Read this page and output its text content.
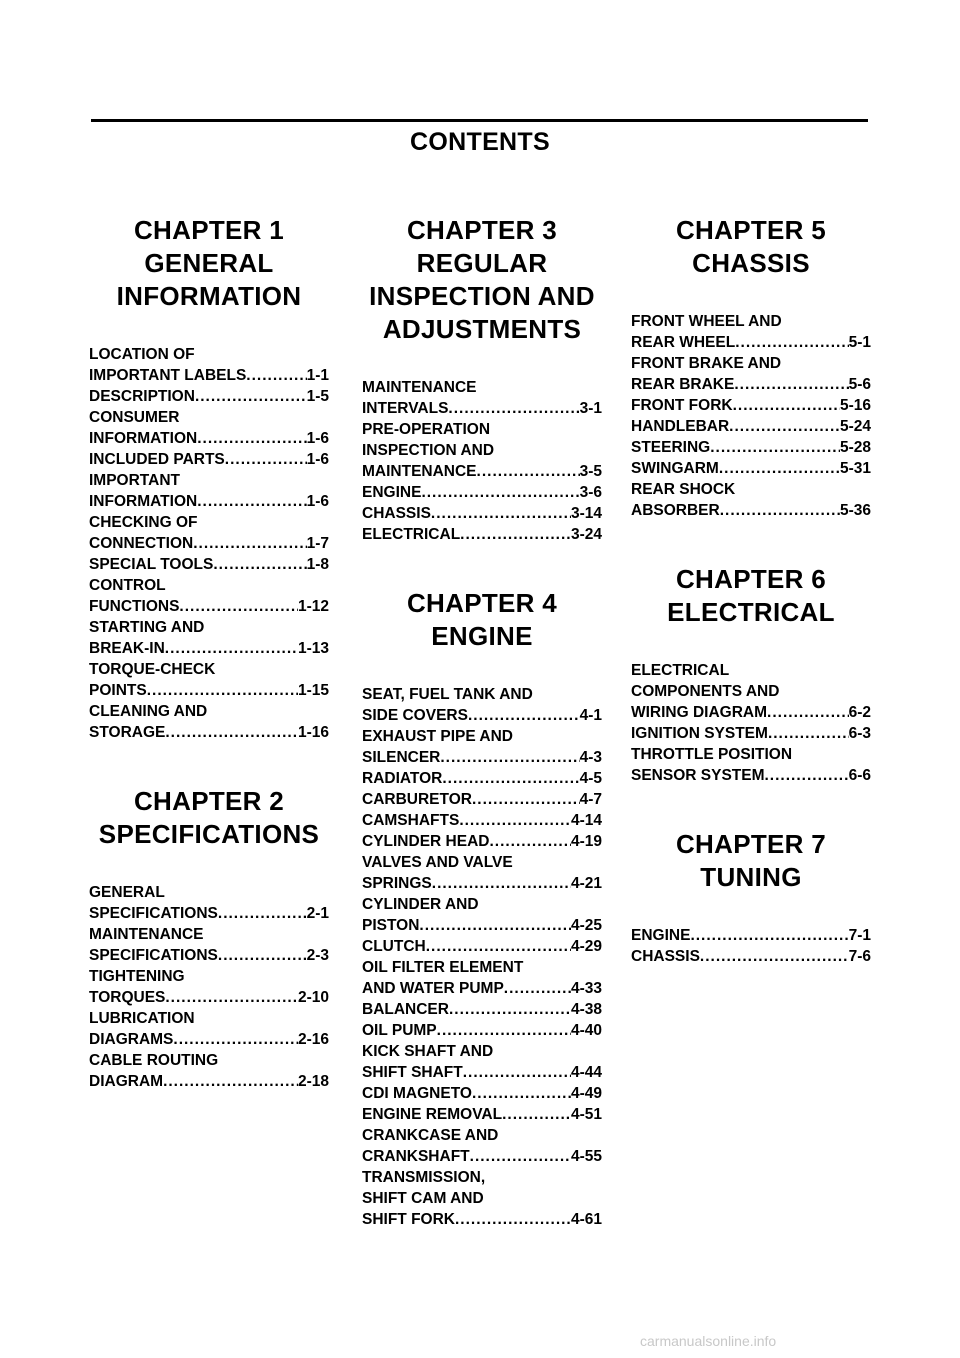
CONTENTS
CHAPTER 1
GENERAL
INFORMATION
LOCATION OF
IMPORTANT LABELS .....	1-1
DESCRIPTION .....	1-5
CONSUMER
INFORMATION .....	1-6
INCLUDED PARTS .....	1-6
IMPORTANT
INFORMATION .....	1-6
CHECKING OF
CONNECTION .....	1-7
SPECIAL TOOLS .....	1-8
CONTROL
FUNCTIONS .....	1-12
STARTING AND
BREAK-IN .....	1-13
TORQUE-CHECK
POINTS .....	1-15
CLEANING AND
STORAGE .....	1-16
CHAPTER 2
SPECIFICATIONS
GENERAL
SPECIFICATIONS .....	2-1
MAINTENANCE
SPECIFICATIONS .....	2-3
TIGHTENING
TORQUES .....	2-10
LUBRICATION
DIAGRAMS .....	2-16
CABLE ROUTING
DIAGRAM .....	2-18
CHAPTER 3
REGULAR
INSPECTION AND
ADJUSTMENTS
MAINTENANCE
INTERVALS .....	3-1
PRE-OPERATION
INSPECTION AND
MAINTENANCE .....	3-5
ENGINE .....	3-6
CHASSIS .....	3-14
ELECTRICAL .....	3-24
CHAPTER 4
ENGINE
SEAT, FUEL TANK AND
SIDE COVERS .....	4-1
EXHAUST PIPE AND
SILENCER .....	4-3
RADIATOR .....	4-5
CARBURETOR .....	4-7
CAMSHAFTS .....	4-14
CYLINDER HEAD .....	4-19
VALVES AND VALVE
SPRINGS .....	4-21
CYLINDER AND
PISTON .....	4-25
CLUTCH .....	4-29
OIL FILTER ELEMENT
AND WATER PUMP .....	4-33
BALANCER .....	4-38
OIL PUMP .....	4-40
KICK SHAFT AND
SHIFT SHAFT .....	4-44
CDI MAGNETO .....	4-49
ENGINE REMOVAL .....	4-51
CRANKCASE AND
CRANKSHAFT .....	4-55
TRANSMISSION,
SHIFT CAM AND
SHIFT FORK .....	4-61
CHAPTER 5
CHASSIS
FRONT WHEEL AND
REAR WHEEL .....	5-1
FRONT BRAKE AND
REAR BRAKE .....	5-6
FRONT FORK .....	5-16
HANDLEBAR .....	5-24
STEERING .....	5-28
SWINGARM .....	5-31
REAR SHOCK
ABSORBER .....	5-36
CHAPTER 6
ELECTRICAL
ELECTRICAL
COMPONENTS AND
WIRING DIAGRAM .....	6-2
IGNITION SYSTEM .....	6-3
THROTTLE POSITION
SENSOR SYSTEM .....	6-6
CHAPTER 7
TUNING
ENGINE .....	7-1
CHASSIS .....	7-6
carmanualsonline.info
